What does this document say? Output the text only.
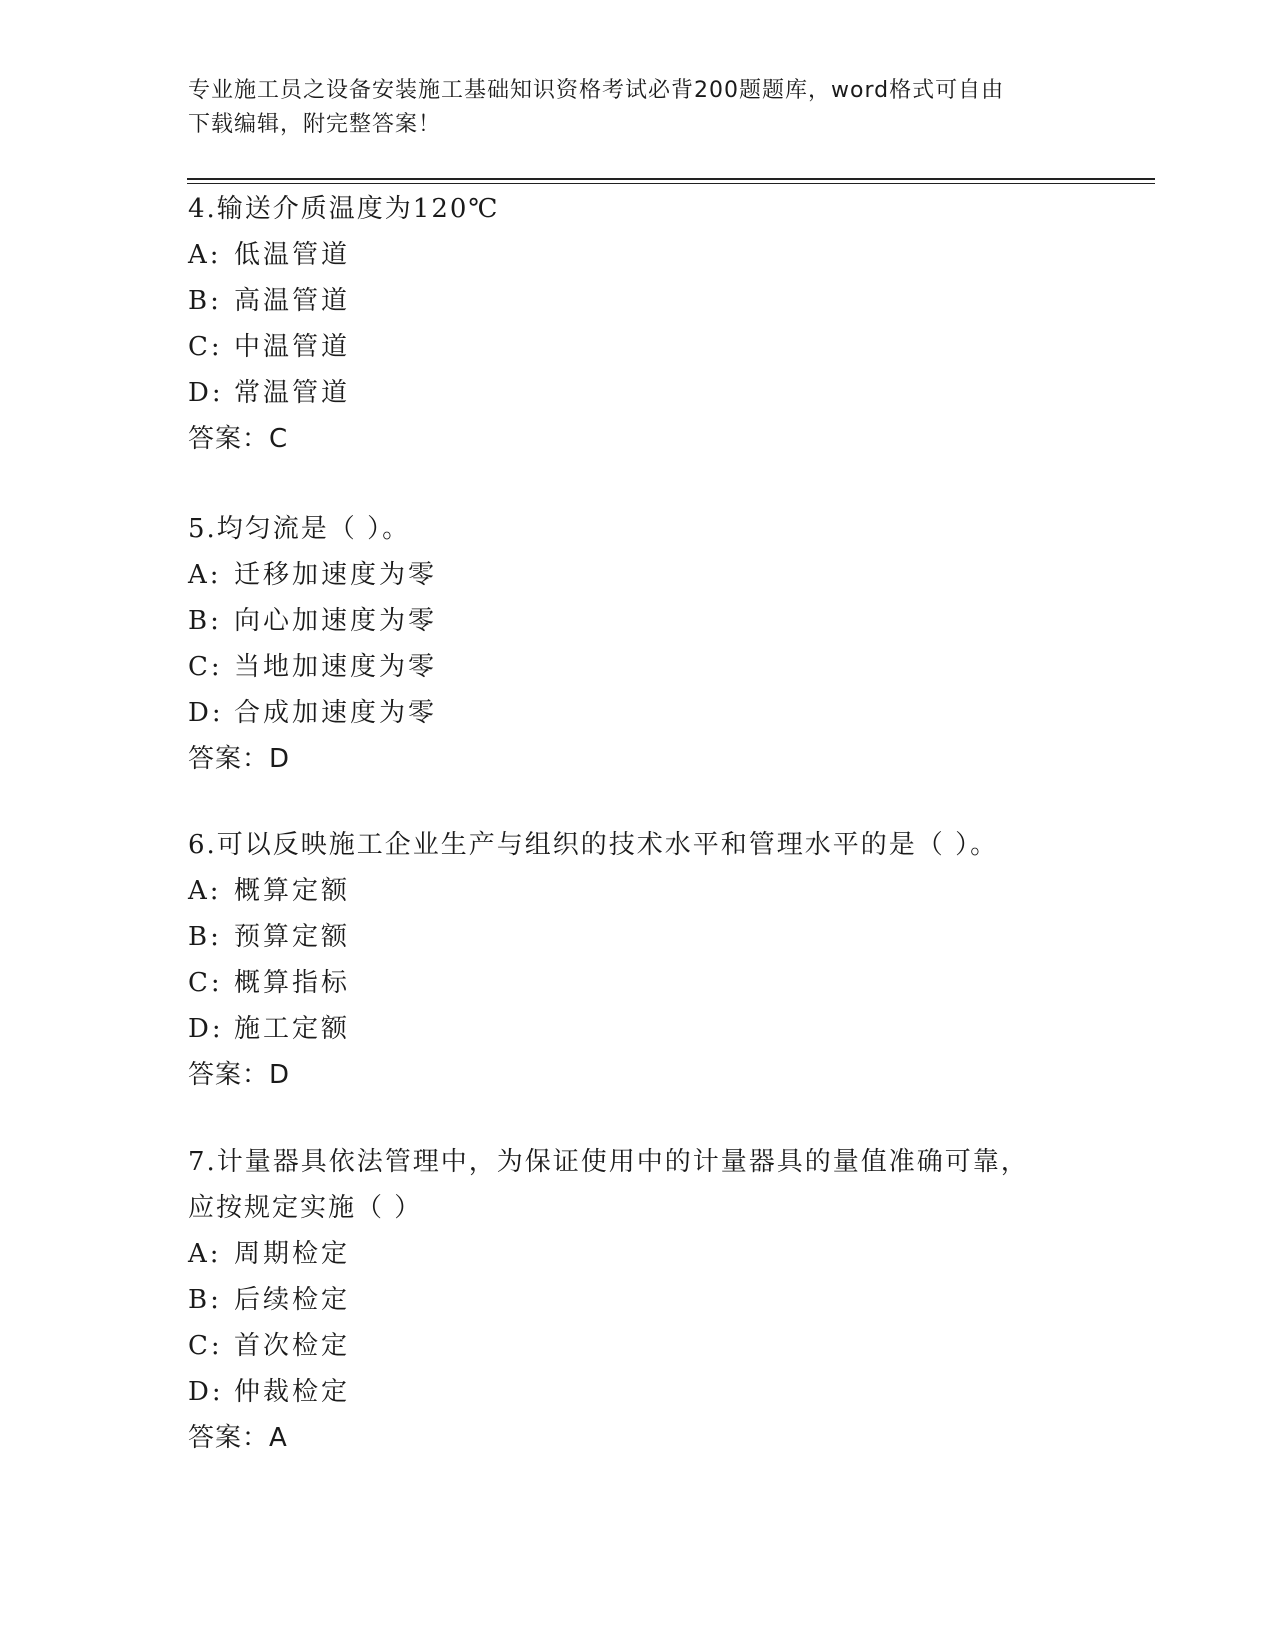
专业施工员之设备安装施工基础知识资格考试必背200题题库，word格式可自由
下载编辑，附完整答案！
4.输送介质温度为120℃
A: 低温管道
B: 高温管道
C: 中温管道
D: 常温管道
答案：C
5.均匀流是（ ）。
A: 迁移加速度为零
B: 向心加速度为零
C: 当地加速度为零
D: 合成加速度为零
答案：D
6.可以反映施工企业生产与组织的技术水平和管理水平的是（ ）。
A: 概算定额
B: 预算定额
C: 概算指标
D: 施工定额
答案：D
7.计量器具依法管理中，为保证使用中的计量器具的量值准确可靠，
应按规定实施（ ）
A: 周期检定
B: 后续检定
C: 首次检定
D: 仲裁检定
答案：A
